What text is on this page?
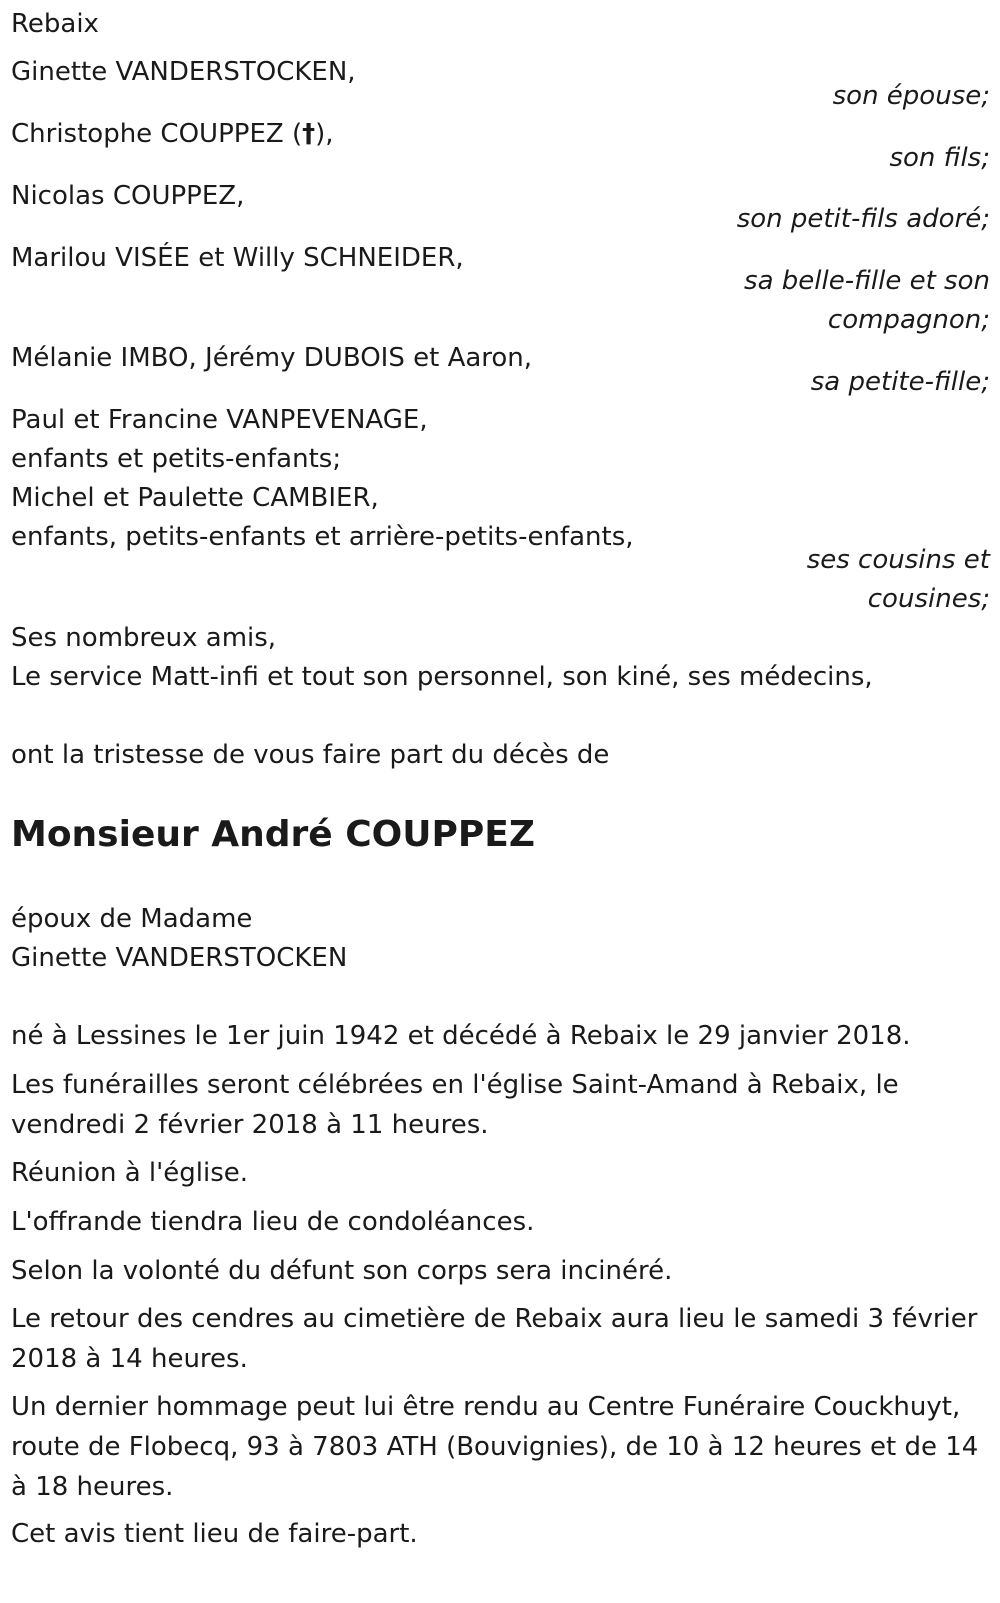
Rebaix
Ginette VANDERSTOCKEN,
son épouse;
Christophe COUPPEZ (†),
son fils;
Nicolas COUPPEZ,
son petit-fils adoré;
Marilou VISÉE et Willy SCHNEIDER,
sa belle-fille et son
compagnon;
Mélanie IMBO, Jérémy DUBOIS et Aaron,
sa petite-fille;
Paul et Francine VANPEVENAGE,
enfants et petits-enfants;
Michel et Paulette CAMBIER,
enfants, petits-enfants et arrière-petits-enfants,
ses cousins et
cousines;
Ses nombreux amis,
Le service Matt-infi et tout son personnel, son kiné, ses médecins,
ont la tristesse de vous faire part du décès de
Monsieur André COUPPEZ
époux de Madame
Ginette VANDERSTOCKEN
né à Lessines le 1er juin 1942 et décédé à Rebaix le 29 janvier 2018.
Les funérailles seront célébrées en l'église Saint-Amand à Rebaix, le vendredi 2 février 2018 à 11 heures.
Réunion à l'église.
L'offrande tiendra lieu de condoléances.
Selon la volonté du défunt son corps sera incinéré.
Le retour des cendres au cimetière de Rebaix aura lieu le samedi 3 février 2018 à 14 heures.
Un dernier hommage peut lui être rendu au Centre Funéraire Couckhuyt, route de Flobecq, 93 à 7803 ATH (Bouvignies), de 10 à 12 heures et de 14 à 18 heures.
Cet avis tient lieu de faire-part.
